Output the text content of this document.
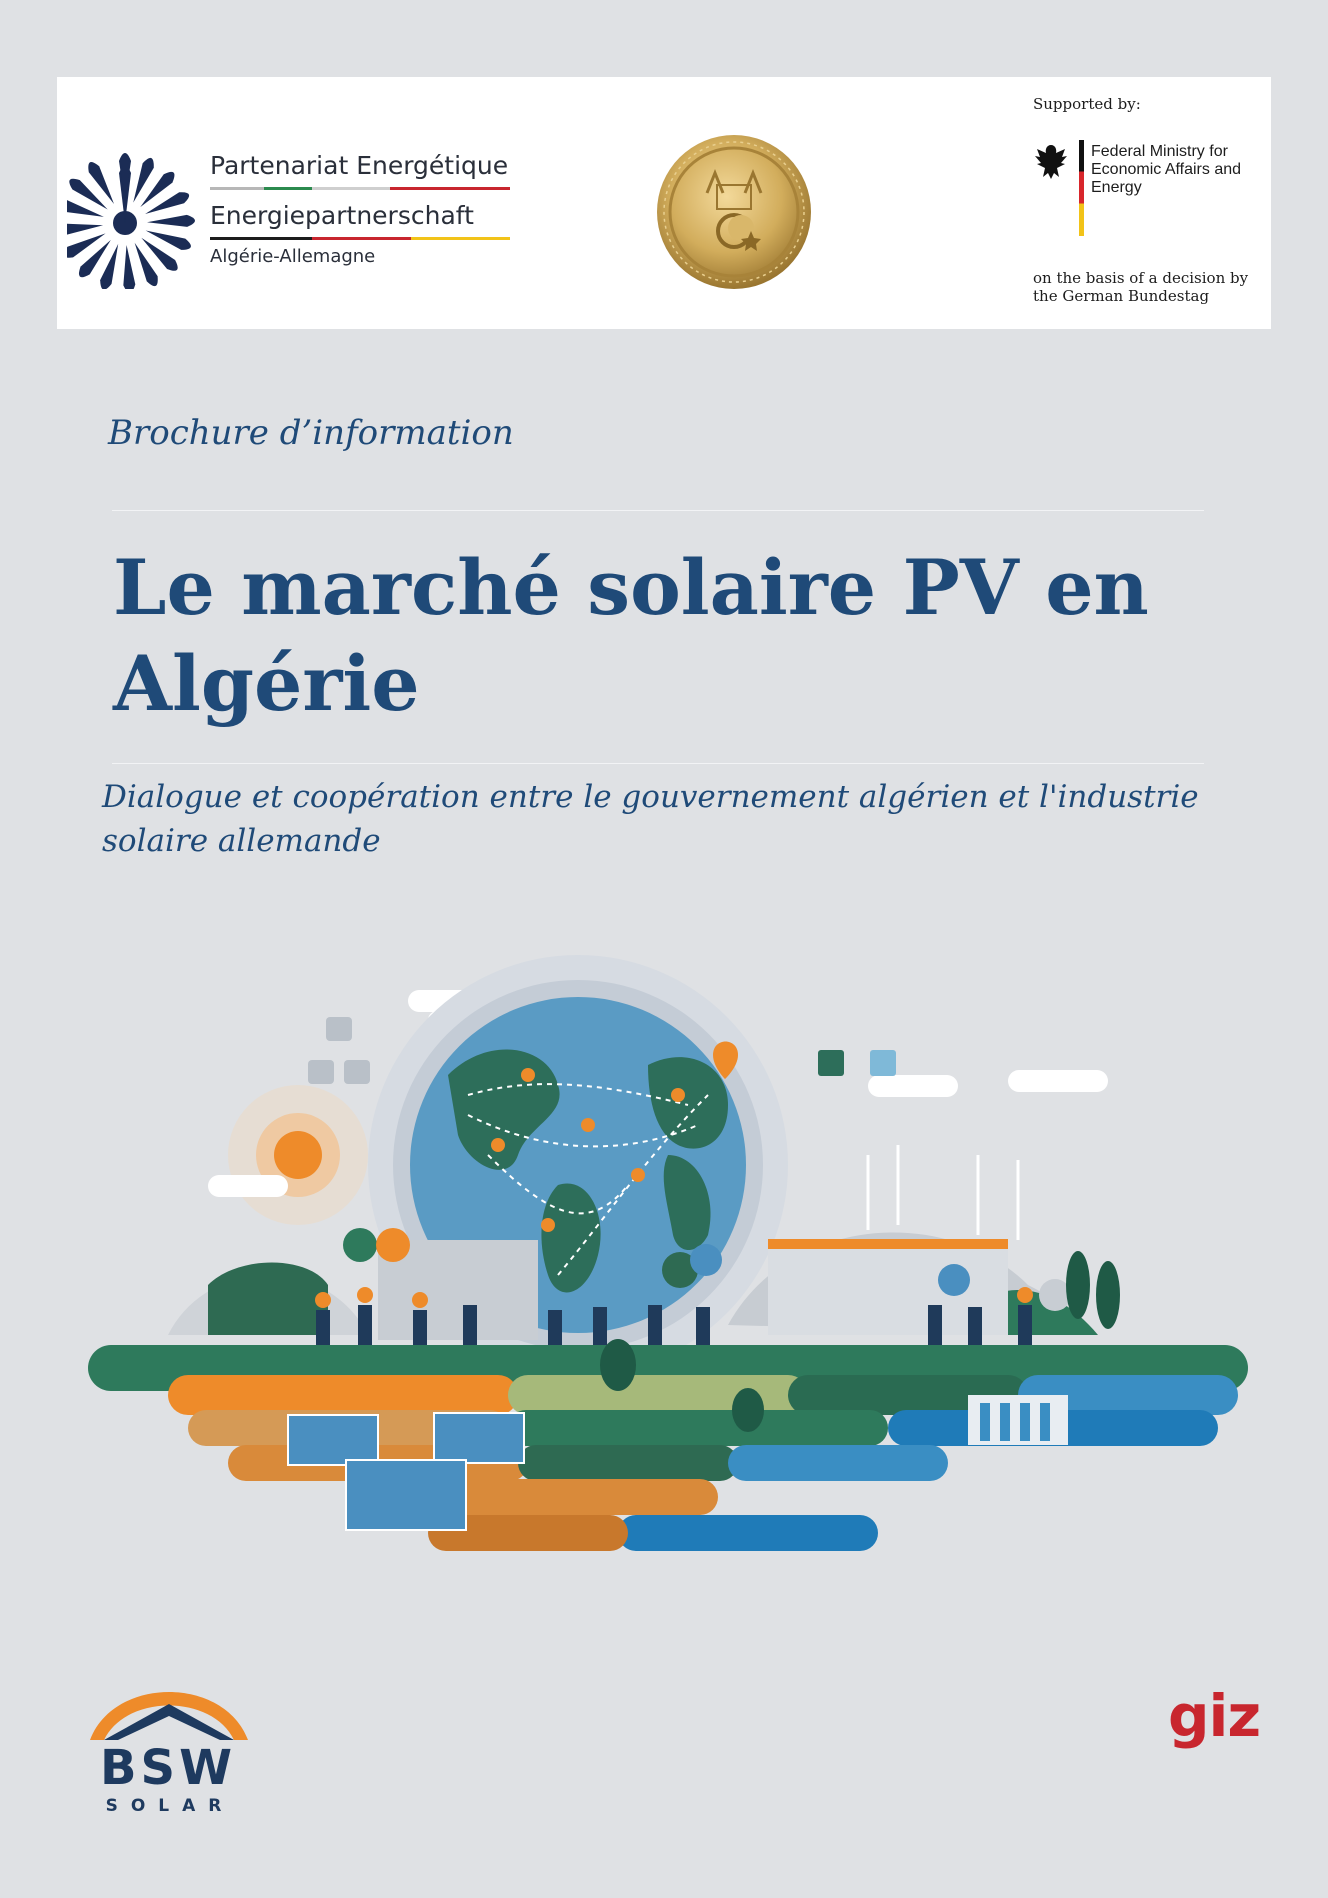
Partenariat Energétique
Energiepartnerschaft
Algérie-Allemagne
Supported by:
Federal Ministry for Economic Affairs and Energy
on the basis of a decision by the German Bundestag
Brochure d’information
Le marché solaire PV en Algérie

Dialogue et coopération entre le gouvernement algérien et l'industrie solaire allemande

BSW
SOLAR
giz
